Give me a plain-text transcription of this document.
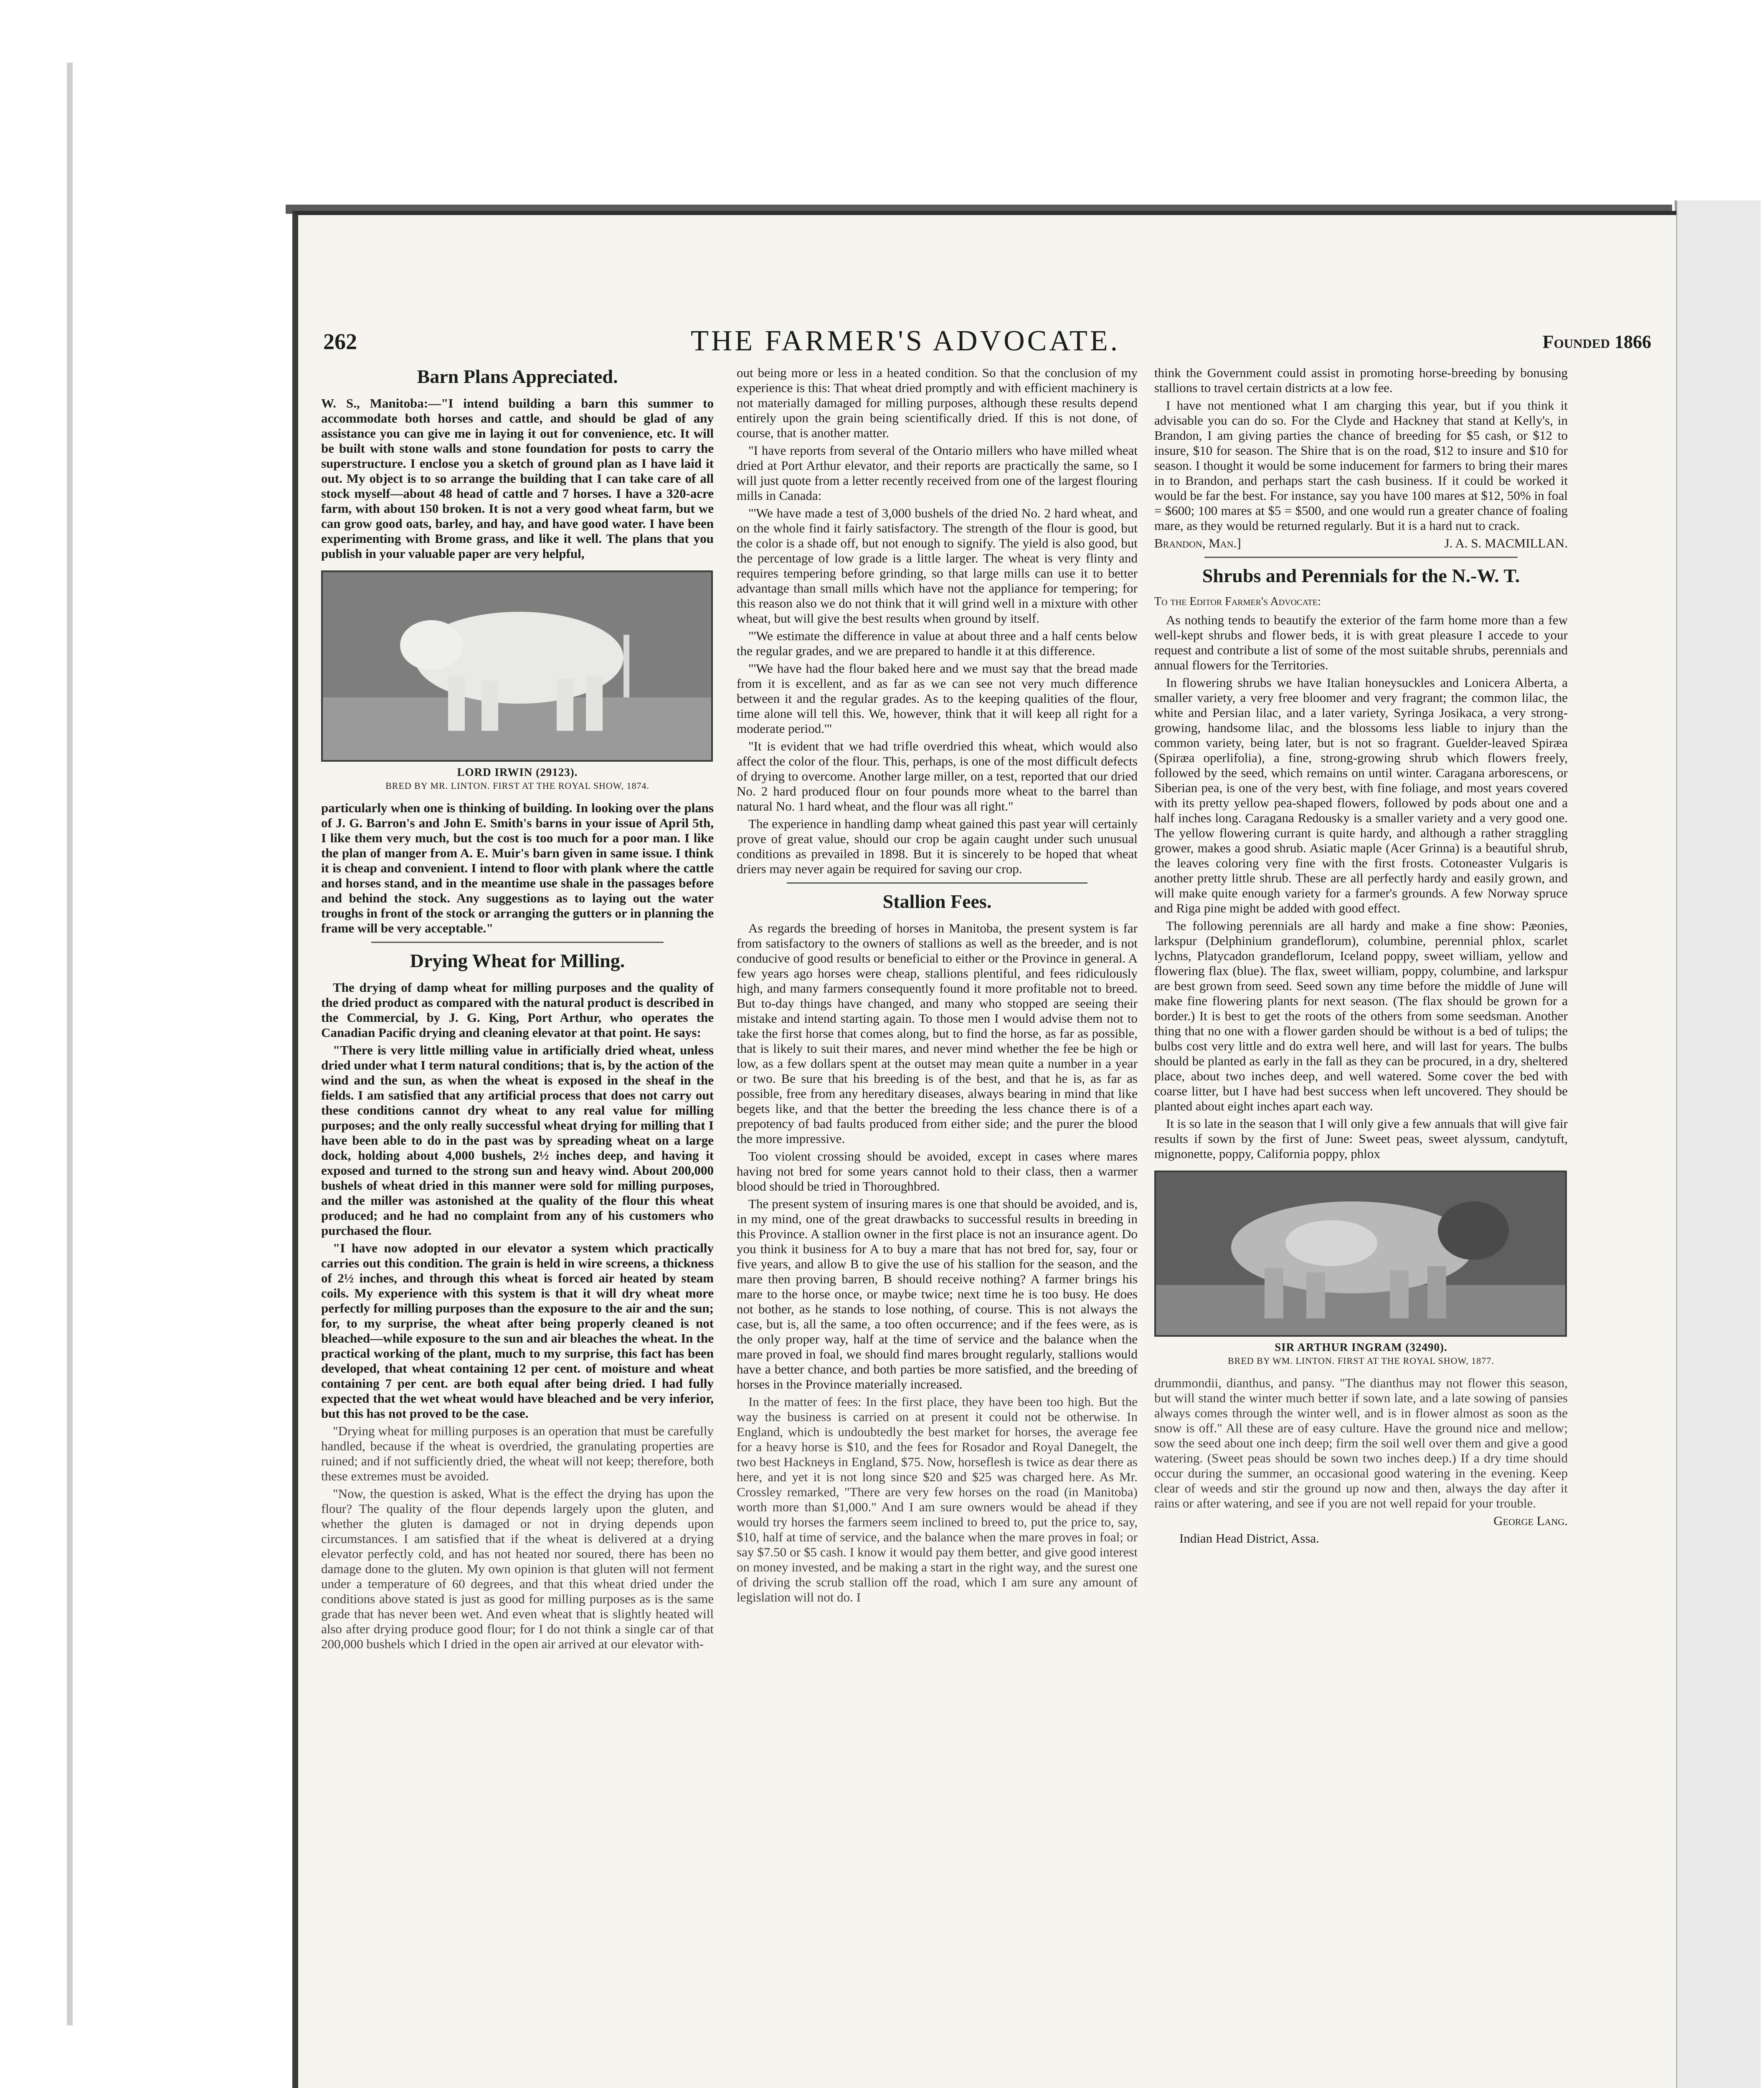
262	THE FARMER'S ADVOCATE.	Founded 1866
Barn Plans Appreciated.

W. S., Manitoba:—"I intend building a barn this summer to accommodate both horses and cattle, and should be glad of any assistance you can give me in laying it out for convenience, etc. It will be built with stone walls and stone foundation for posts to carry the superstructure. I enclose you a sketch of ground plan as I have laid it out. My object is to so arrange the building that I can take care of all stock myself—about 48 head of cattle and 7 horses. I have a 320-acre farm, with about 150 broken. It is not a very good wheat farm, but we can grow good oats, barley, and hay, and have good water. I have been experimenting with Brome grass, and like it well. The plans that you publish in your valuable paper are very helpful,

LORD IRWIN (29123).
BRED BY MR. LINTON. FIRST AT THE ROYAL SHOW, 1874.

particularly when one is thinking of building. In looking over the plans of J. G. Barron's and John E. Smith's barns in your issue of April 5th, I like them very much, but the cost is too much for a poor man. I like the plan of manger from A. E. Muir's barn given in same issue. I think it is cheap and convenient. I intend to floor with plank where the cattle and horses stand, and in the meantime use shale in the passages before and behind the stock. Any suggestions as to laying out the water troughs in front of the stock or arranging the gutters or in planning the frame will be very acceptable."

Drying Wheat for Milling.

The drying of damp wheat for milling purposes and the quality of the dried product as compared with the natural product is described in the Commercial, by J. G. King, Port Arthur, who operates the Canadian Pacific drying and cleaning elevator at that point. He says:

"There is very little milling value in artificially dried wheat, unless dried under what I term natural conditions; that is, by the action of the wind and the sun, as when the wheat is exposed in the sheaf in the fields. I am satisfied that any artificial process that does not carry out these conditions cannot dry wheat to any real value for milling purposes; and the only really successful wheat drying for milling that I have been able to do in the past was by spreading wheat on a large dock, holding about 4,000 bushels, 2½ inches deep, and having it exposed and turned to the strong sun and heavy wind. About 200,000 bushels of wheat dried in this manner were sold for milling purposes, and the miller was astonished at the quality of the flour this wheat produced; and he had no complaint from any of his customers who purchased the flour.

"I have now adopted in our elevator a system which practically carries out this condition. The grain is held in wire screens, a thickness of 2½ inches, and through this wheat is forced air heated by steam coils. My experience with this system is that it will dry wheat more perfectly for milling purposes than the exposure to the air and the sun; for, to my surprise, the wheat after being properly cleaned is not bleached—while exposure to the sun and air bleaches the wheat. In the practical working of the plant, much to my surprise, this fact has been developed, that wheat containing 12 per cent. of moisture and wheat containing 7 per cent. are both equal after being dried. I had fully expected that the wet wheat would have bleached and be very inferior, but this has not proved to be the case.

"Drying wheat for milling purposes is an operation that must be carefully handled, because if the wheat is overdried, the granulating properties are ruined; and if not sufficiently dried, the wheat will not keep; therefore, both these extremes must be avoided.

"Now, the question is asked, What is the effect the drying has upon the flour? The quality of the flour depends largely upon the gluten, and whether the gluten is damaged or not in drying depends upon circumstances. I am satisfied that if the wheat is delivered at a drying elevator perfectly cold, and has not heated nor soured, there has been no damage done to the gluten. My own opinion is that gluten will not ferment under a temperature of 60 degrees, and that this wheat dried under the conditions above stated is just as good for milling purposes as is the same grade that has never been wet. And even wheat that is slightly heated will also after drying produce good flour; for I do not think a single car of that 200,000 bushels which I dried in the open air arrived at our elevator with-

out being more or less in a heated condition. So that the conclusion of my experience is this: That wheat dried promptly and with efficient machinery is not materially damaged for milling purposes, although these results depend entirely upon the grain being scientifically dried. If this is not done, of course, that is another matter.

"I have reports from several of the Ontario millers who have milled wheat dried at Port Arthur elevator, and their reports are practically the same, so I will just quote from a letter recently received from one of the largest flouring mills in Canada:

"'We have made a test of 3,000 bushels of the dried No. 2 hard wheat, and on the whole find it fairly satisfactory. The strength of the flour is good, but the color is a shade off, but not enough to signify. The yield is also good, but the percentage of low grade is a little larger. The wheat is very flinty and requires tempering before grinding, so that large mills can use it to better advantage than small mills which have not the appliance for tempering; for this reason also we do not think that it will grind well in a mixture with other wheat, but will give the best results when ground by itself.

"'We estimate the difference in value at about three and a half cents below the regular grades, and we are prepared to handle it at this difference.

"'We have had the flour baked here and we must say that the bread made from it is excellent, and as far as we can see not very much difference between it and the regular grades. As to the keeping qualities of the flour, time alone will tell this. We, however, think that it will keep all right for a moderate period.'"

"It is evident that we had trifle overdried this wheat, which would also affect the color of the flour. This, perhaps, is one of the most difficult defects of drying to overcome. Another large miller, on a test, reported that our dried No. 2 hard produced flour on four pounds more wheat to the barrel than natural No. 1 hard wheat, and the flour was all right."

The experience in handling damp wheat gained this past year will certainly prove of great value, should our crop be again caught under such unusual conditions as prevailed in 1898. But it is sincerely to be hoped that wheat driers may never again be required for saving our crop.

Stallion Fees.

As regards the breeding of horses in Manitoba, the present system is far from satisfactory to the owners of stallions as well as the breeder, and is not conducive of good results or beneficial to either or the Province in general. A few years ago horses were cheap, stallions plentiful, and fees ridiculously high, and many farmers consequently found it more profitable not to breed. But to-day things have changed, and many who stopped are seeing their mistake and intend starting again. To those men I would advise them not to take the first horse that comes along, but to find the horse, as far as possible, that is likely to suit their mares, and never mind whether the fee be high or low, as a few dollars spent at the outset may mean quite a number in a year or two. Be sure that his breeding is of the best, and that he is, as far as possible, free from any hereditary diseases, always bearing in mind that like begets like, and that the better the breeding the less chance there is of a prepotency of bad faults produced from either side; and the purer the blood the more impressive.

Too violent crossing should be avoided, except in cases where mares having not bred for some years cannot hold to their class, then a warmer blood should be tried in Thoroughbred.

The present system of insuring mares is one that should be avoided, and is, in my mind, one of the great drawbacks to successful results in breeding in this Province. A stallion owner in the first place is not an insurance agent. Do you think it business for A to buy a mare that has not bred for, say, four or five years, and allow B to give the use of his stallion for the season, and the mare then proving barren, B should receive nothing? A farmer brings his mare to the horse once, or maybe twice; next time he is too busy. He does not bother, as he stands to lose nothing, of course. This is not always the case, but is, all the same, a too often occurrence; and if the fees were, as is the only proper way, half at the time of service and the balance when the mare proved in foal, we should find mares brought regularly, stallions would have a better chance, and both parties be more satisfied, and the breeding of horses in the Province materially increased.

In the matter of fees: In the first place, they have been too high. But the way the business is carried on at present it could not be otherwise. In England, which is undoubtedly the best market for horses, the average fee for a heavy horse is $10, and the fees for Rosador and Royal Danegelt, the two best Hackneys in England, $75. Now, horseflesh is twice as dear there as here, and yet it is not long since $20 and $25 was charged here. As Mr. Crossley remarked, "There are very few horses on the road (in Manitoba) worth more than $1,000." And I am sure owners would be ahead if they would try horses the farmers seem inclined to breed to, put the price to, say, $10, half at time of service, and the balance when the mare proves in foal; or say $7.50 or $5 cash. I know it would pay them better, and give good interest on money invested, and be making a start in the right way, and the surest one of driving the scrub stallion off the road, which I am sure any amount of legislation will not do. I

think the Government could assist in promoting horse-breeding by bonusing stallions to travel certain districts at a low fee.

I have not mentioned what I am charging this year, but if you think it advisable you can do so. For the Clyde and Hackney that stand at Kelly's, in Brandon, I am giving parties the chance of breeding for $5 cash, or $12 to insure, $10 for season. The Shire that is on the road, $12 to insure and $10 for season. I thought it would be some inducement for farmers to bring their mares in to Brandon, and perhaps start the cash business. If it could be worked it would be far the best. For instance, say you have 100 mares at $12, 50% in foal = $600; 100 mares at $5 = $500, and one would run a greater chance of foaling mare, as they would be returned regularly. But it is a hard nut to crack.

Brandon, Man.]	J. A. S. MACMILLAN.
Shrubs and Perennials for the N.-W. T.
To the Editor Farmer's Advocate:

As nothing tends to beautify the exterior of the farm home more than a few well-kept shrubs and flower beds, it is with great pleasure I accede to your request and contribute a list of some of the most suitable shrubs, perennials and annual flowers for the Territories.

In flowering shrubs we have Italian honeysuckles and Lonicera Alberta, a smaller variety, a very free bloomer and very fragrant; the common lilac, the white and Persian lilac, and a later variety, Syringa Josikaca, a very strong-growing, handsome lilac, and the blossoms less liable to injury than the common variety, being later, but is not so fragrant. Guelder-leaved Spiræa (Spiræa operlifolia), a fine, strong-growing shrub which flowers freely, followed by the seed, which remains on until winter. Caragana arborescens, or Siberian pea, is one of the very best, with fine foliage, and most years covered with its pretty yellow pea-shaped flowers, followed by pods about one and a half inches long. Caragana Redousky is a smaller variety and a very good one. The yellow flowering currant is quite hardy, and although a rather straggling grower, makes a good shrub. Asiatic maple (Acer Grinna) is a beautiful shrub, the leaves coloring very fine with the first frosts. Cotoneaster Vulgaris is another pretty little shrub. These are all perfectly hardy and easily grown, and will make quite enough variety for a farmer's grounds. A few Norway spruce and Riga pine might be added with good effect.

The following perennials are all hardy and make a fine show: Pæonies, larkspur (Delphinium grandeflorum), columbine, perennial phlox, scarlet lychns, Platycadon grandeflorum, Iceland poppy, sweet william, yellow and flowering flax (blue). The flax, sweet william, poppy, columbine, and larkspur are best grown from seed. Seed sown any time before the middle of June will make fine flowering plants for next season. (The flax should be grown for a border.) It is best to get the roots of the others from some seedsman. Another thing that no one with a flower garden should be without is a bed of tulips; the bulbs cost very little and do extra well here, and will last for years. The bulbs should be planted as early in the fall as they can be procured, in a dry, sheltered place, about two inches deep, and well watered. Some cover the bed with coarse litter, but I have had best success when left uncovered. They should be planted about eight inches apart each way.

It is so late in the season that I will only give a few annuals that will give fair results if sown by the first of June: Sweet peas, sweet alyssum, candytuft, mignonette, poppy, California poppy, phlox

SIR ARTHUR INGRAM (32490).
BRED BY WM. LINTON. FIRST AT THE ROYAL SHOW, 1877.

drummondii, dianthus, and pansy. "The dianthus may not flower this season, but will stand the winter much better if sown late, and a late sowing of pansies always comes through the winter well, and is in flower almost as soon as the snow is off." All these are of easy culture. Have the ground nice and mellow; sow the seed about one inch deep; firm the soil well over them and give a good watering. (Sweet peas should be sown two inches deep.) If a dry time should occur during the summer, an occasional good watering in the evening. Keep clear of weeds and stir the ground up now and then, always the day after it rains or after watering, and see if you are not well repaid for your trouble.

George Lang.

Indian Head District, Assa.
